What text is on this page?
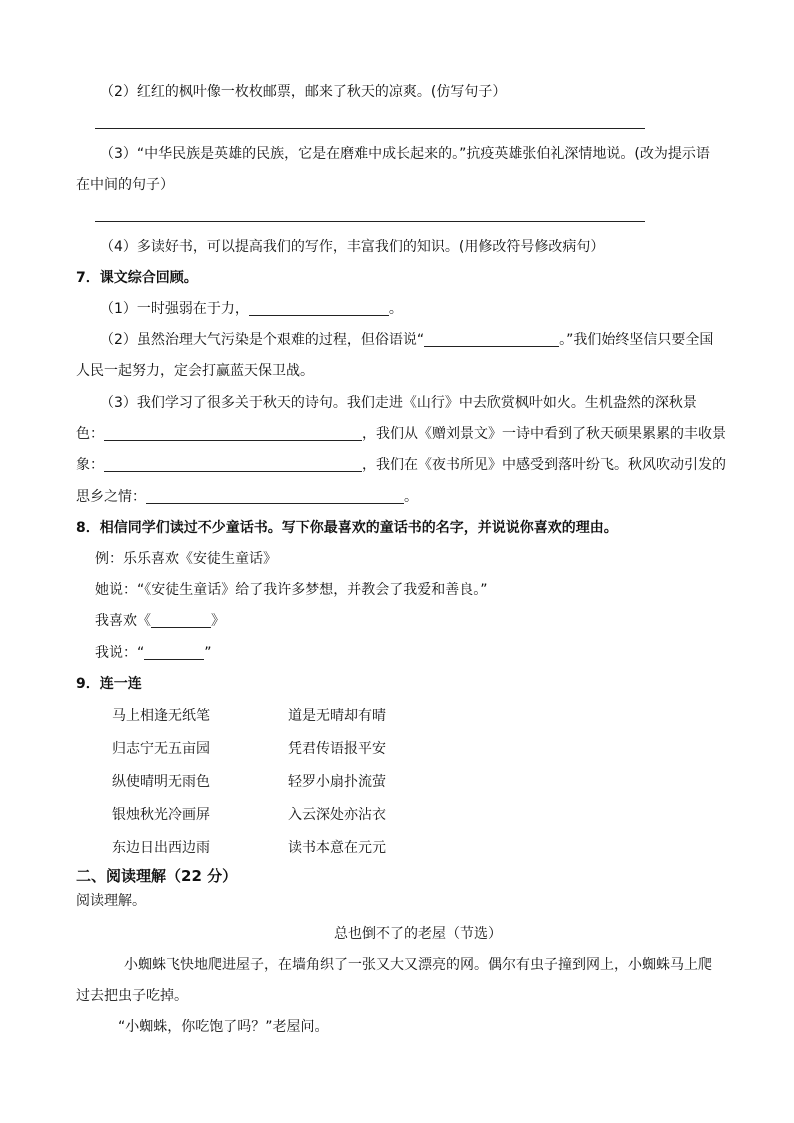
（2）红红的枫叶像一枚枚邮票，邮来了秋天的凉爽。(仿写句子）
（3）“中华民族是英雄的民族，它是在磨难中成长起来的。”抗疫英雄张伯礼深情地说。(改为提示语
在中间的句子）
（4）多读好书，可以提高我们的写作，丰富我们的知识。(用修改符号修改病句）
7．课文综合回顾。
（1）一时强弱在于力，	。
（2）虽然治理大气污染是个艰难的过程，但俗语说“	。”我们始终坚信只要全国
人民一起努力，定会打赢蓝天保卫战。
（3）我们学习了很多关于秋天的诗句。我们走进《山行》中去欣赏枫叶如火。生机盎然的深秋景
色：	，我们从《赠刘景文》一诗中看到了秋天硕果累累的丰收景
象：	，我们在《夜书所见》中感受到落叶纷飞。秋风吹动引发的
思乡之情：	。
8．相信同学们读过不少童话书。写下你最喜欢的童话书的名字，并说说你喜欢的理由。
例：乐乐喜欢《安徒生童话》
她说：“《安徒生童话》给了我许多梦想，并教会了我爱和善良。”
我喜欢《	》
我说：“	”
9．连一连
马上相逢无纸笔	道是无晴却有晴
归志宁无五亩园	凭君传语报平安
纵使晴明无雨色	轻罗小扇扑流萤
银烛秋光冷画屏	入云深处亦沾衣
东边日出西边雨	读书本意在元元
二、阅读理解（22 分）
阅读理解。
总也倒不了的老屋（节选）
小蜘蛛飞快地爬进屋子，在墙角织了一张又大又漂亮的网。偶尔有虫子撞到网上，小蜘蛛马上爬
过去把虫子吃掉。
“小蜘蛛，你吃饱了吗？”老屋问。
